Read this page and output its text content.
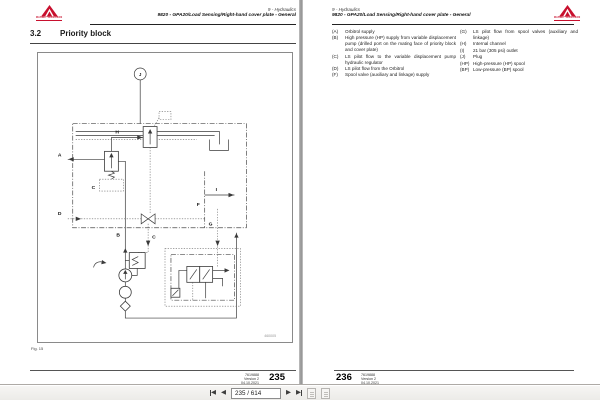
MASSEY FERGUSON
9 - Hydraulics
9820 - GPA20/Load Sensing/Right-hand cover plate - General
3.2 Priority block
J
H
A
C
B
D
C
F
G
I
460005
Fig. 15
7619888
Version 2 235
MASSEY FERGUSON
9 - Hydraulics
9820 - GPA20/Load Sensing/Right-hand cover plate - General
(A)	Orbitrol supply
(B)	High pressure (HP) supply from variable displacement pump (drilled port on the mating face of priority block and cover plate)
(C)	LS pilot flow to the variable displacement pump hydraulic regulator
(D)	LS pilot flow from the Orbitrol
(F)	Spool valve (auxiliary and linkage) supply
(G)	LS pilot flow from spool valves (auxiliary and linkage)
(H)	Internal channel
(I)	21 bar (305 psi) outlet
(J)	Plug
(HP) High-pressure (HP) spool
(BP) Low-pressure (BP) spool
236	7619888
Version 2
◀ ◀
235 / 614	▶ ▶
